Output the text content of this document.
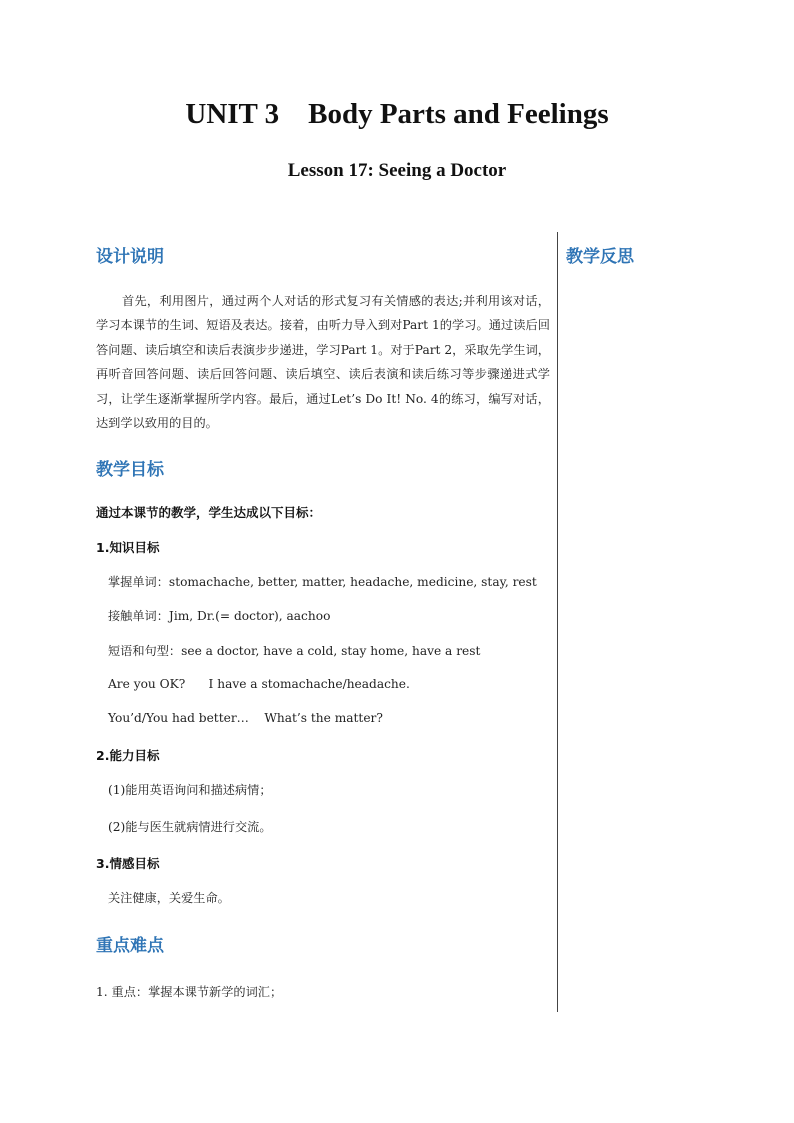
UNIT 3    Body Parts and Feelings
Lesson 17: Seeing a Doctor
教学反思
设计说明
首先，利用图片，通过两个人对话的形式复习有关情感的表达;并利用该对话，学习本课节的生词、短语及表达。接着，由听力导入到对Part 1的学习。通过读后回答问题、读后填空和读后表演步步递进，学习Part 1。对于Part 2，采取先学生词，再听音回答问题、读后回答问题、读后填空、读后表演和读后练习等步骤递进式学习，让学生逐渐掌握所学内容。最后，通过Let’s Do It! No. 4的练习，编写对话，达到学以致用的目的。
教学目标
通过本课节的教学，学生达成以下目标：
1.知识目标
掌握单词：stomachache, better, matter, headache, medicine, stay, rest
接触单词：Jim, Dr.(= doctor), aachoo
短语和句型：see a doctor, have a cold, stay home, have a rest
Are you OK?      I have a stomachache/headache.
You’d/You had better…    What’s the matter?
2.能力目标
(1)能用英语询问和描述病情；
(2)能与医生就病情进行交流。
3.情感目标
关注健康，关爱生命。
重点难点
1. 重点：掌握本课节新学的词汇；
